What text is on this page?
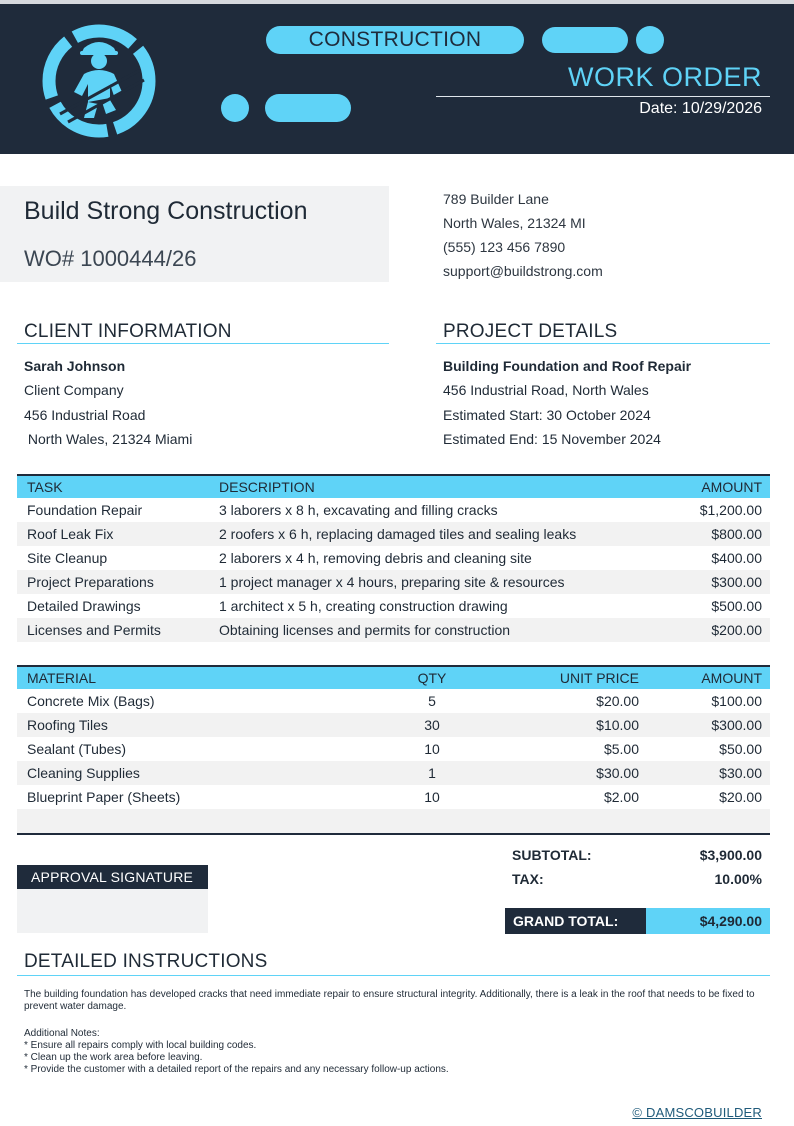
CONSTRUCTION
WORK ORDER
Date: 10/29/2026
Build Strong Construction
WO# 1000444/26
789 Builder Lane
North Wales, 21324 MI
(555) 123 456 7890
support@buildstrong.com
CLIENT INFORMATION
Sarah Johnson
Client Company
456 Industrial Road
North Wales, 21324 Miami
PROJECT DETAILS
Building Foundation and Roof Repair
456 Industrial Road, North Wales
Estimated Start: 30 October 2024
Estimated End: 15 November 2024
TASK	DESCRIPTION	AMOUNT
Foundation Repair	3 laborers x 8 h, excavating and filling cracks	$1,200.00
Roof Leak Fix	2 roofers x 6 h, replacing damaged tiles and sealing leaks	$800.00
Site Cleanup	2 laborers x 4 h, removing debris and cleaning site	$400.00
Project Preparations	1 project manager x 4 hours, preparing site & resources	$300.00
Detailed Drawings	1 architect x 5 h, creating construction drawing	$500.00
Licenses and Permits	Obtaining licenses and permits for construction	$200.00
MATERIAL	QTY	UNIT PRICE	AMOUNT
Concrete Mix (Bags)	5	$20.00	$100.00
Roofing Tiles	30	$10.00	$300.00
Sealant (Tubes)	10	$5.00	$50.00
Cleaning Supplies	1	$30.00	$30.00
Blueprint Paper (Sheets)	10	$2.00	$20.00
APPROVAL SIGNATURE
SUBTOTAL:	$3,900.00
TAX:	10.00%
GRAND TOTAL:	$4,290.00
DETAILED INSTRUCTIONS
The building foundation has developed cracks that need immediate repair to ensure structural integrity. Additionally, there is a leak in the roof that needs to be fixed to prevent water damage.
Additional Notes:
* Ensure all repairs comply with local building codes.
* Clean up the work area before leaving.
* Provide the customer with a detailed report of the repairs and any necessary follow-up actions.
© DAMSCOBUILDER
